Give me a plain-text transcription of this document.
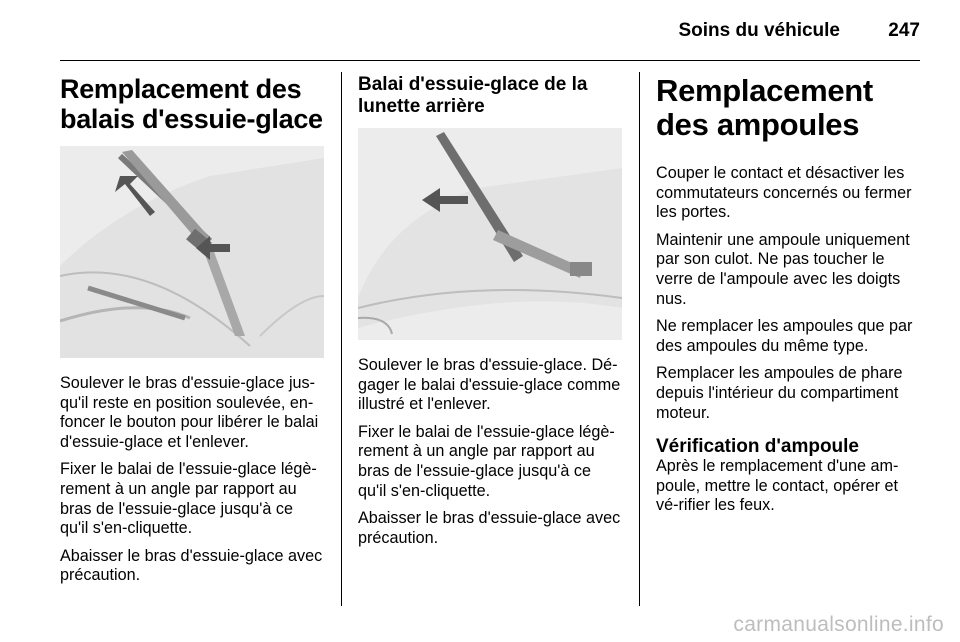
Soins du véhicule	247
Remplacement des balais d'essuie-glace

Soulever le bras d'essuie-glace jus-qu'il reste en position soulevée, en-foncer le bouton pour libérer le balai d'essuie-glace et l'enlever.

Fixer le balai de l'essuie-glace légè-rement à un angle par rapport au bras de l'essuie-glace jusqu'à ce qu'il s'en-cliquette.

Abaisser le bras d'essuie-glace avec précaution.

Balai d'essuie-glace de la lunette arrière

Soulever le bras d'essuie-glace. Dé-gager le balai d'essuie-glace comme illustré et l'enlever.

Fixer le balai de l'essuie-glace légè-rement à un angle par rapport au bras de l'essuie-glace jusqu'à ce qu'il s'en-cliquette.

Abaisser le bras d'essuie-glace avec précaution.

Remplacement des ampoules

Couper le contact et désactiver les commutateurs concernés ou fermer les portes.

Maintenir une ampoule uniquement par son culot. Ne pas toucher le verre de l'ampoule avec les doigts nus.

Ne remplacer les ampoules que par des ampoules du même type.

Remplacer les ampoules de phare depuis l'intérieur du compartiment moteur.

Vérification d'ampoule

Après le remplacement d'une am-poule, mettre le contact, opérer et vé-rifier les feux.

carmanualsonline.info
